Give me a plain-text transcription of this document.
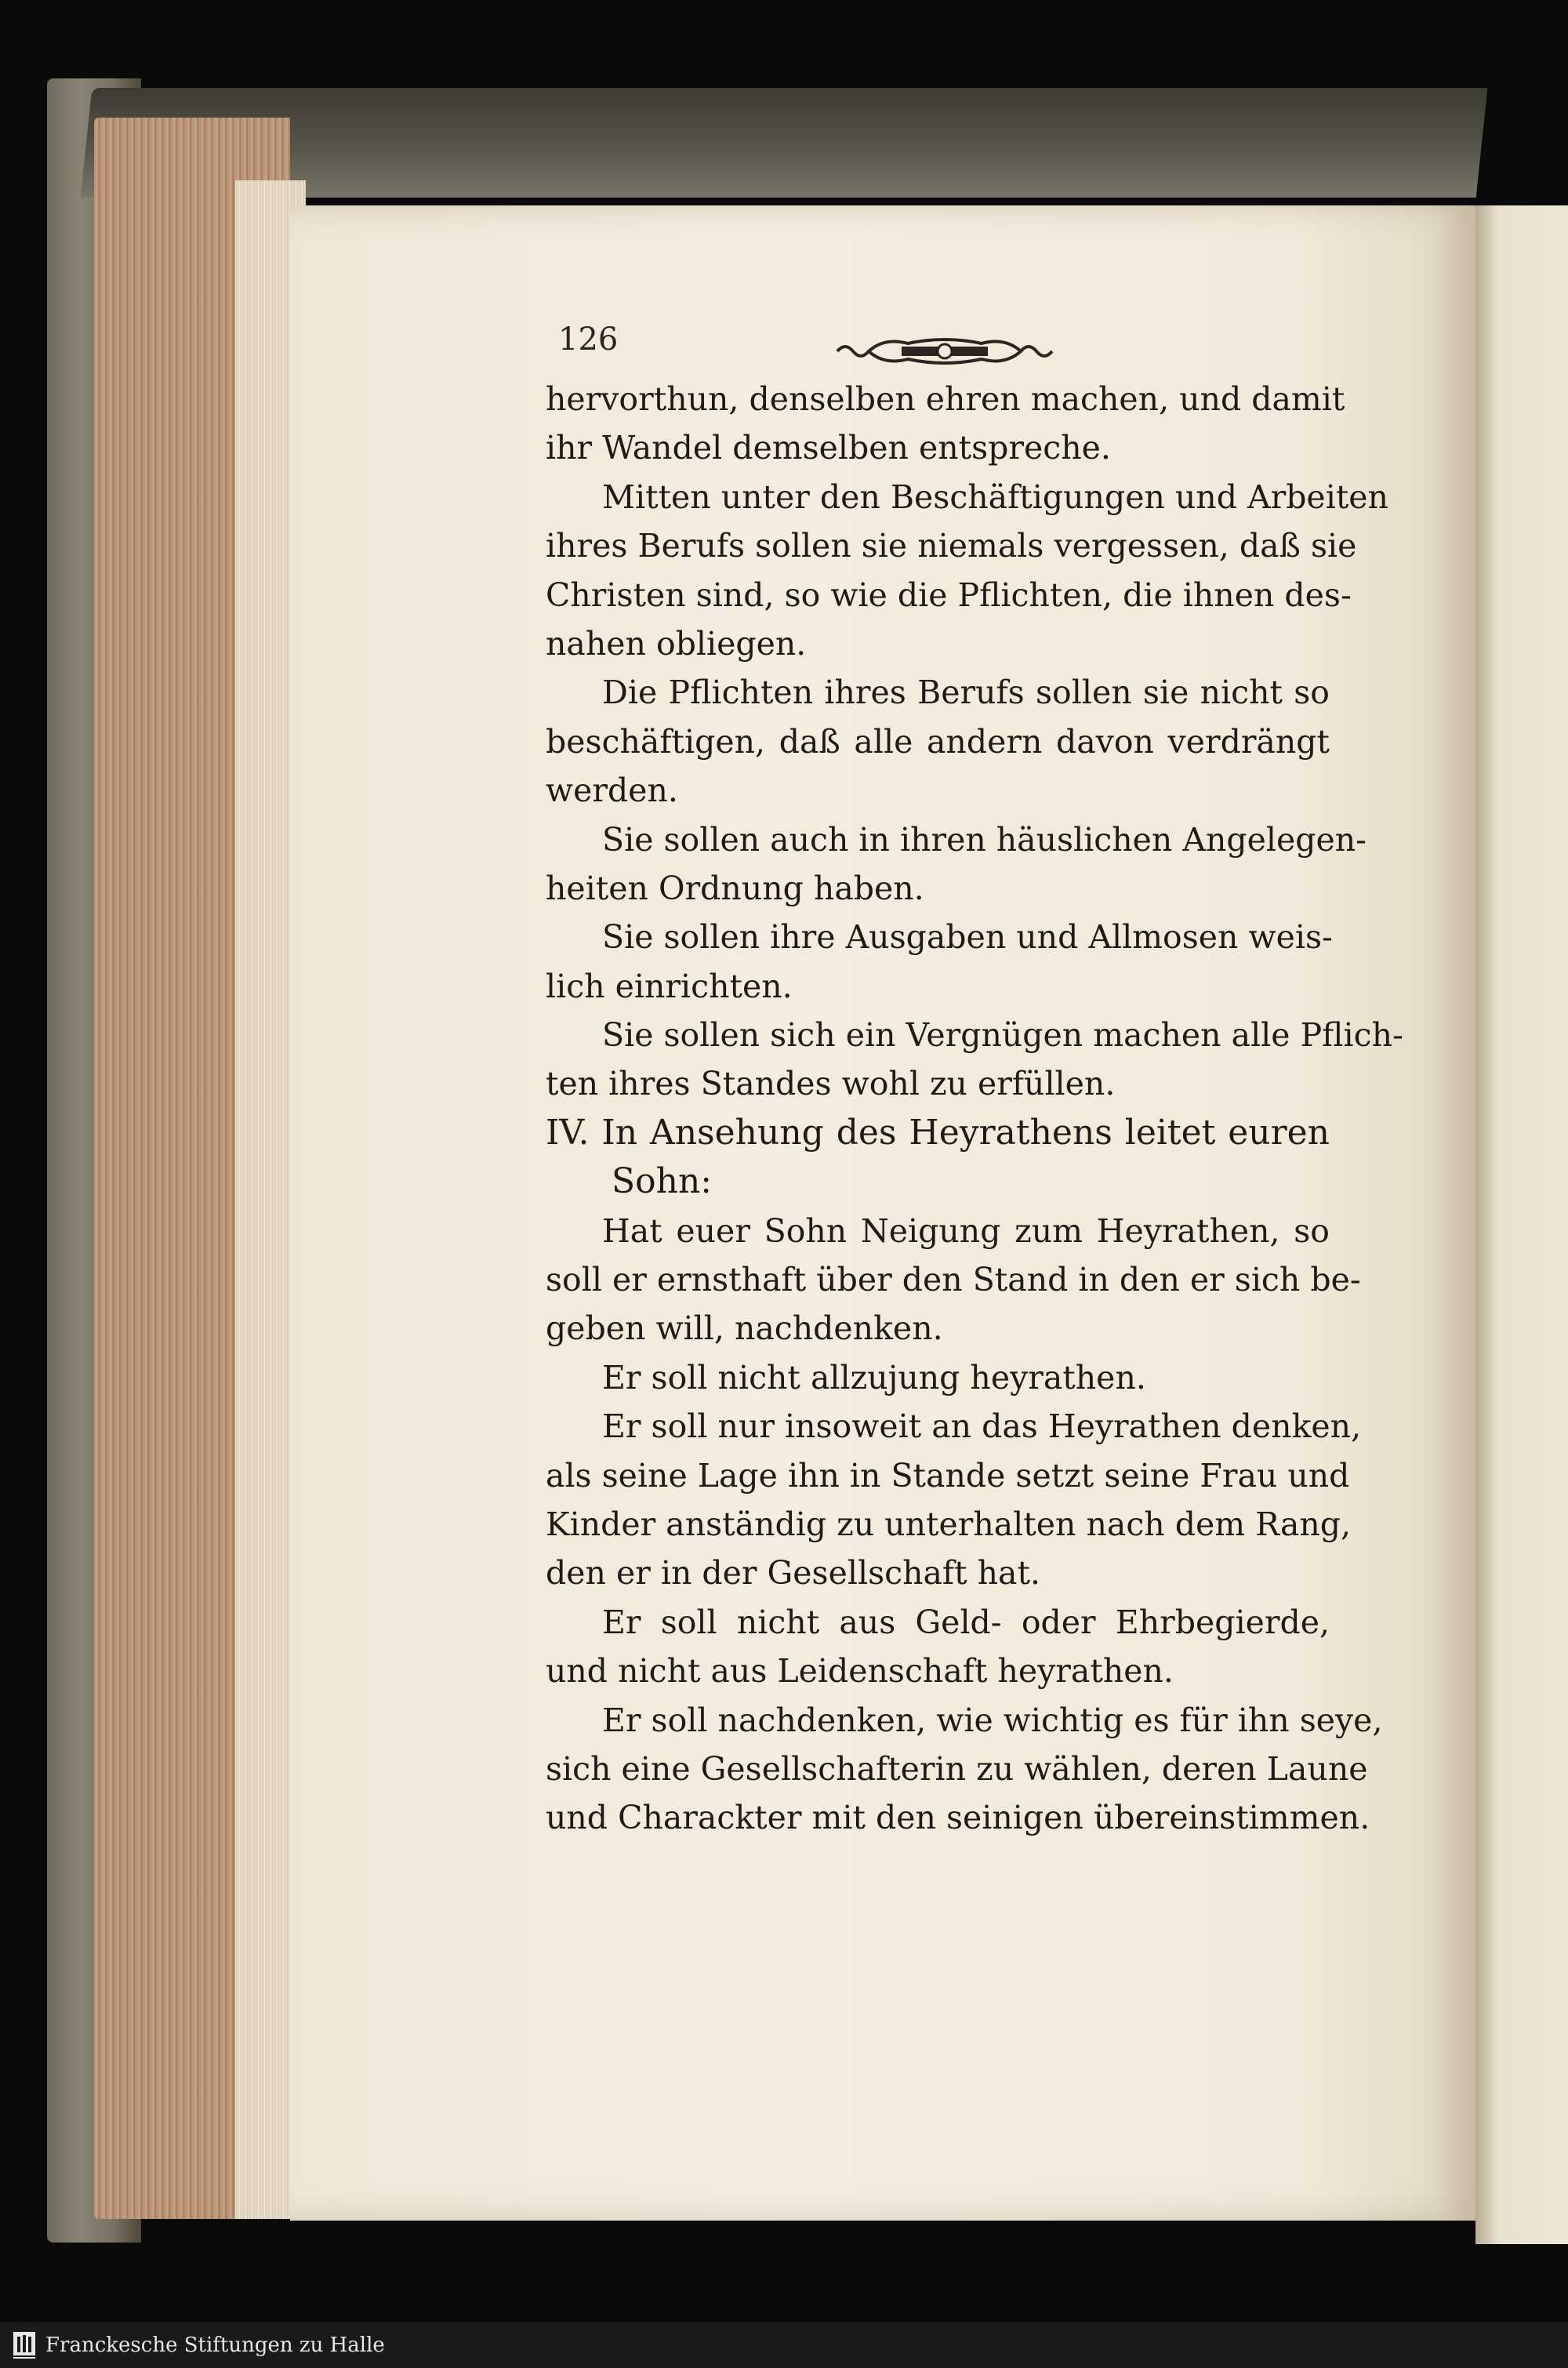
126
hervorthun, denselben ehren machen, und damit
ihr Wandel demselben entspreche.
Mitten unter den Beschäftigungen und Arbeiten
ihres Berufs sollen sie niemals vergessen, daß sie
Christen sind, so wie die Pflichten, die ihnen des-
nahen obliegen.
Die Pflichten ihres Berufs sollen sie nicht so
beschäftigen, daß alle andern davon verdrängt
werden.
Sie sollen auch in ihren häuslichen Angelegen-
heiten Ordnung haben.
Sie sollen ihre Ausgaben und Allmosen weis-
lich einrichten.
Sie sollen sich ein Vergnügen machen alle Pflich-
ten ihres Standes wohl zu erfüllen.
IV. In Ansehung des Heyrathens leitet euren
Sohn:
Hat euer Sohn Neigung zum Heyrathen, so
soll er ernsthaft über den Stand in den er sich be-
geben will, nachdenken.
Er soll nicht allzujung heyrathen.
Er soll nur insoweit an das Heyrathen denken,
als seine Lage ihn in Stande setzt seine Frau und
Kinder anständig zu unterhalten nach dem Rang,
den er in der Gesellschaft hat.
Er soll nicht aus Geld- oder Ehrbegierde,
und nicht aus Leidenschaft heyrathen.
Er soll nachdenken, wie wichtig es für ihn seye,
sich eine Gesellschafterin zu wählen, deren Laune
und Charackter mit den seinigen übereinstimmen.
Franckesche Stiftungen zu Halle
